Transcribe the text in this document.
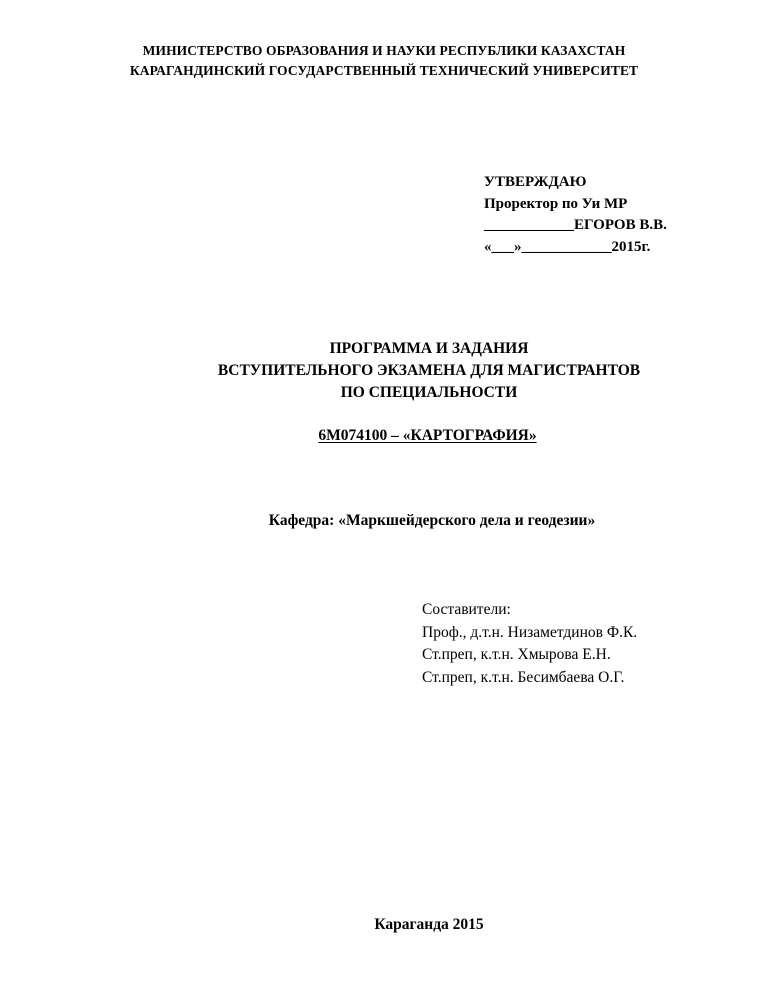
МИНИСТЕРСТВО ОБРАЗОВАНИЯ И НАУКИ РЕСПУБЛИКИ КАЗАХСТАН
КАРАГАНДИНСКИЙ ГОСУДАРСТВЕННЫЙ ТЕХНИЧЕСКИЙ УНИВЕРСИТЕТ
УТВЕРЖДАЮ
Проректор по Уи МР
____________ЕГОРОВ В.В.
«___»____________2015г.
ПРОГРАММА И ЗАДАНИЯ
ВСТУПИТЕЛЬНОГО ЭКЗАМЕНА ДЛЯ МАГИСТРАНТОВ
ПО СПЕЦИАЛЬНОСТИ
6М074100 – «КАРТОГРАФИЯ»
Кафедра: «Маркшейдерского дела и геодезии»
Составители:
Проф., д.т.н. Низаметдинов Ф.К.
Ст.преп, к.т.н. Хмырова Е.Н.
Ст.преп, к.т.н. Бесимбаева О.Г.
Караганда 2015
